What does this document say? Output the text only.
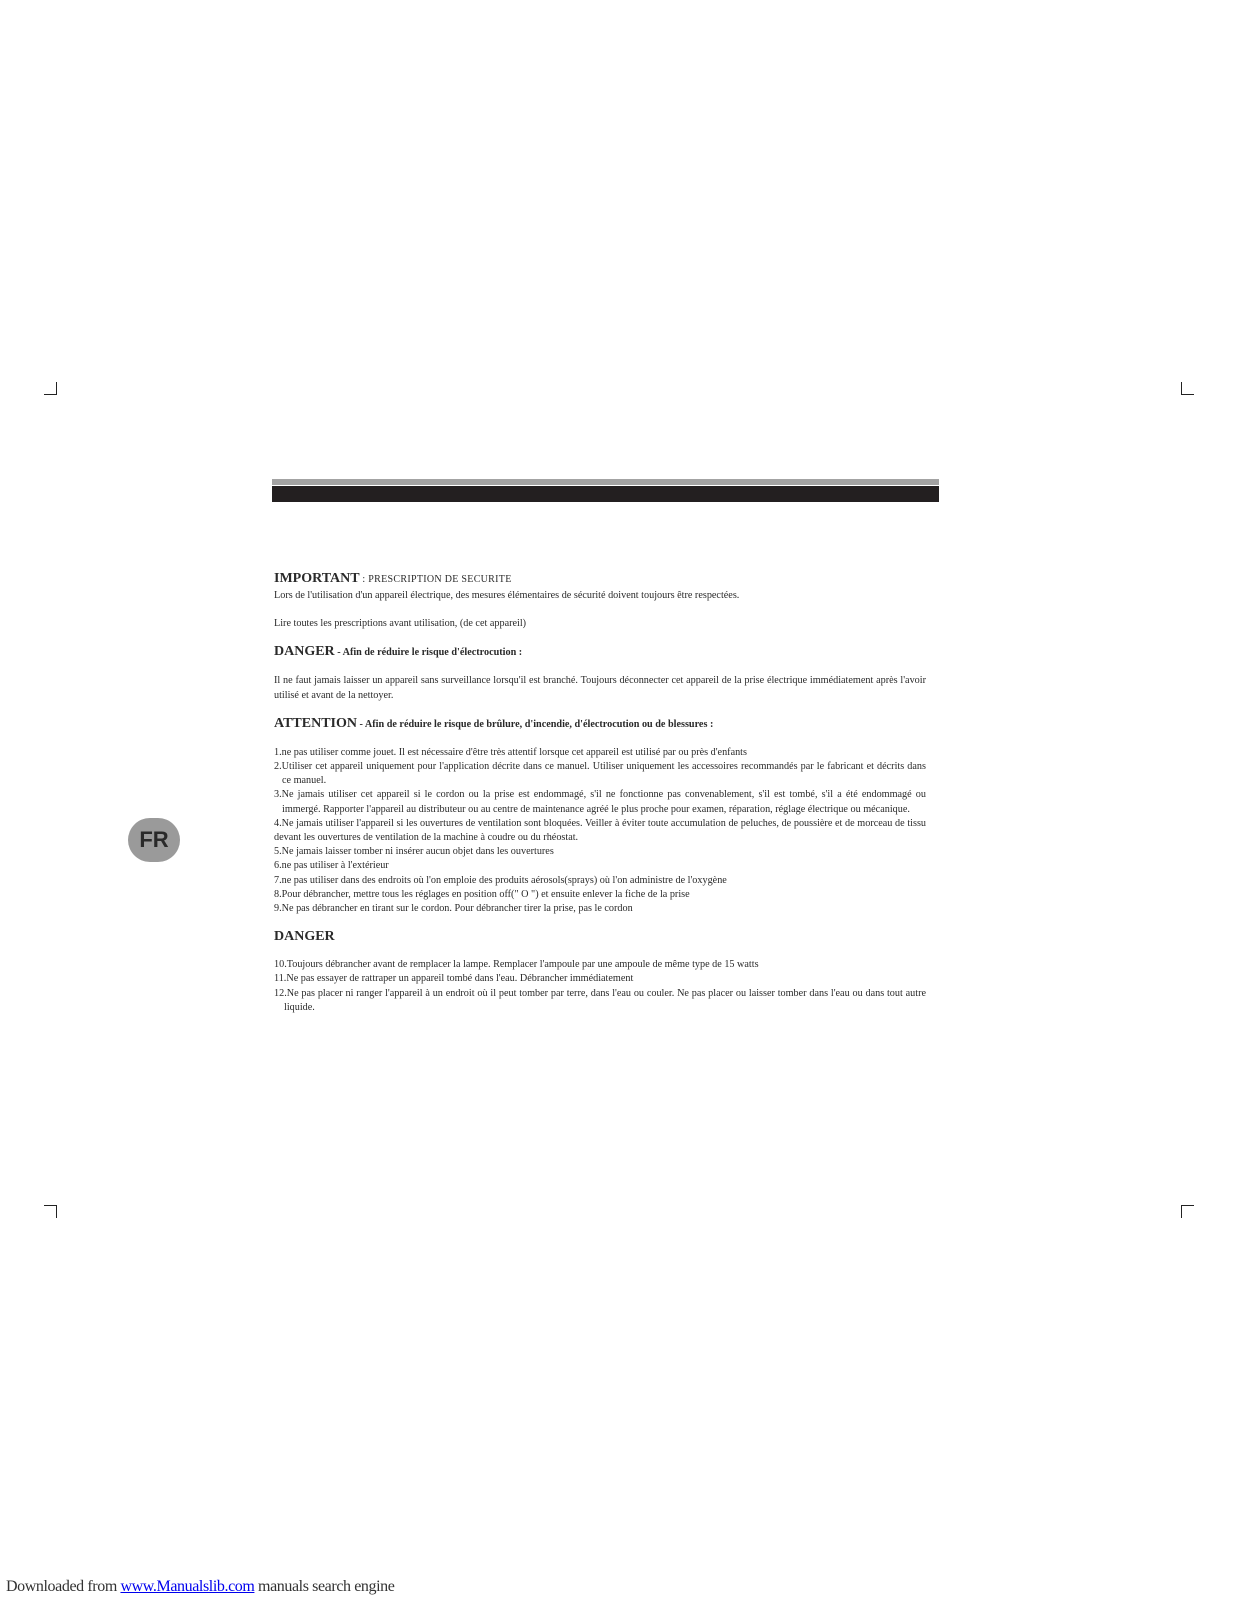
FR

IMPORTANT : PRESCRIPTION DE SECURITE

Lors de l'utilisation d'un appareil électrique, des mesures élémentaires de sécurité doivent toujours être respectées.

Lire toutes les prescriptions avant utilisation, (de cet appareil)

DANGER - Afin de réduire le risque d'électrocution :

Il ne faut jamais laisser un appareil sans surveillance lorsqu'il est branché. Toujours déconnecter cet appareil de la prise électrique immédiatement après l'avoir utilisé et avant de la nettoyer.

ATTENTION - Afin de réduire le risque de brûlure, d'incendie, d'électrocution ou de blessures :

1.ne pas utiliser comme jouet. Il est nécessaire d'être très attentif lorsque cet appareil est utilisé par ou près d'enfants

2.Utiliser cet appareil uniquement pour l'application décrite dans ce manuel. Utiliser uniquement les accessoires recommandés par le fabricant et décrits dans ce manuel.

3.Ne jamais utiliser cet appareil si le cordon ou la prise est endommagé, s'il ne fonctionne pas convenablement, s'il est tombé, s'il a été endommagé ou immergé. Rapporter l'appareil au distributeur ou au centre de maintenance agréé le plus proche pour examen, réparation, réglage électrique ou mécanique.

4.Ne jamais utiliser l'appareil si les ouvertures de ventilation sont bloquées. Veiller à éviter toute accumulation de peluches, de poussière et de morceau de tissu devant les ouvertures de ventilation de la machine à coudre ou du rhéostat.

5.Ne jamais laisser tomber ni insérer aucun objet dans les ouvertures

6.ne pas utiliser à l'extérieur

7.ne pas utiliser dans des endroits où l'on emploie des produits aérosols(sprays) où l'on administre de l'oxygène

8.Pour débrancher, mettre tous les réglages en position off(" O ") et ensuite enlever la fiche de la prise

9.Ne pas débrancher en tirant sur le cordon. Pour débrancher tirer la prise, pas le cordon

DANGER

10.Toujours débrancher avant de remplacer la lampe. Remplacer l'ampoule par une ampoule de même type de 15 watts

11.Ne pas essayer de rattraper un appareil tombé dans l'eau. Débrancher immédiatement

12.Ne pas placer ni ranger l'appareil à un endroit où il peut tomber par terre, dans l'eau ou couler. Ne pas placer ou laisser tomber dans l'eau ou dans tout autre liquide.

Downloaded from www.Manualslib.com manuals search engine
